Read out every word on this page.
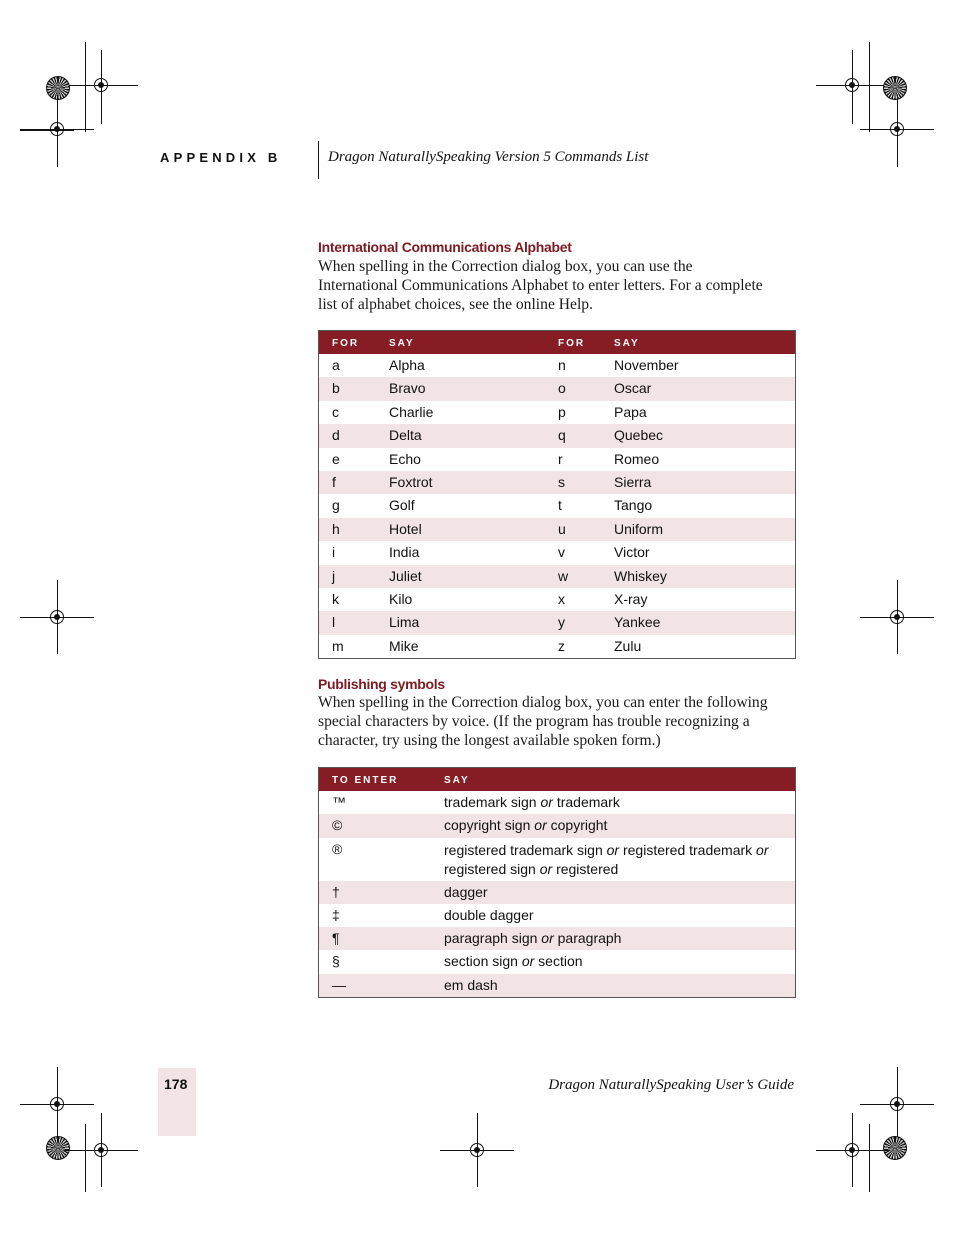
APPENDIX B	Dragon NaturallySpeaking Version 5 Commands List
International Communications Alphabet
When spelling in the Correction dialog box, you can use the
International Communications Alphabet to enter letters. For a complete
list of alphabet choices, see the online Help.
FOR	SAY	FOR	SAY
a	Alpha	n	November
b	Bravo	o	Oscar
c	Charlie	p	Papa
d	Delta	q	Quebec
e	Echo	r	Romeo
f	Foxtrot	s	Sierra
g	Golf	t	Tango
h	Hotel	u	Uniform
i	India	v	Victor
j	Juliet	w	Whiskey
k	Kilo	x	X-ray
l	Lima	y	Yankee
m	Mike	z	Zulu
Publishing symbols
When spelling in the Correction dialog box, you can enter the following
special characters by voice. (If the program has trouble recognizing a
character, try using the longest available spoken form.)
TO ENTER	SAY
™	trademark sign or trademark
©	copyright sign or copyright
®	registered trademark sign or registered trademark or
registered sign or registered
†	dagger
‡	double dagger
¶	paragraph sign or paragraph
§	section sign or section
—	em dash
178	Dragon NaturallySpeaking User’s Guide
